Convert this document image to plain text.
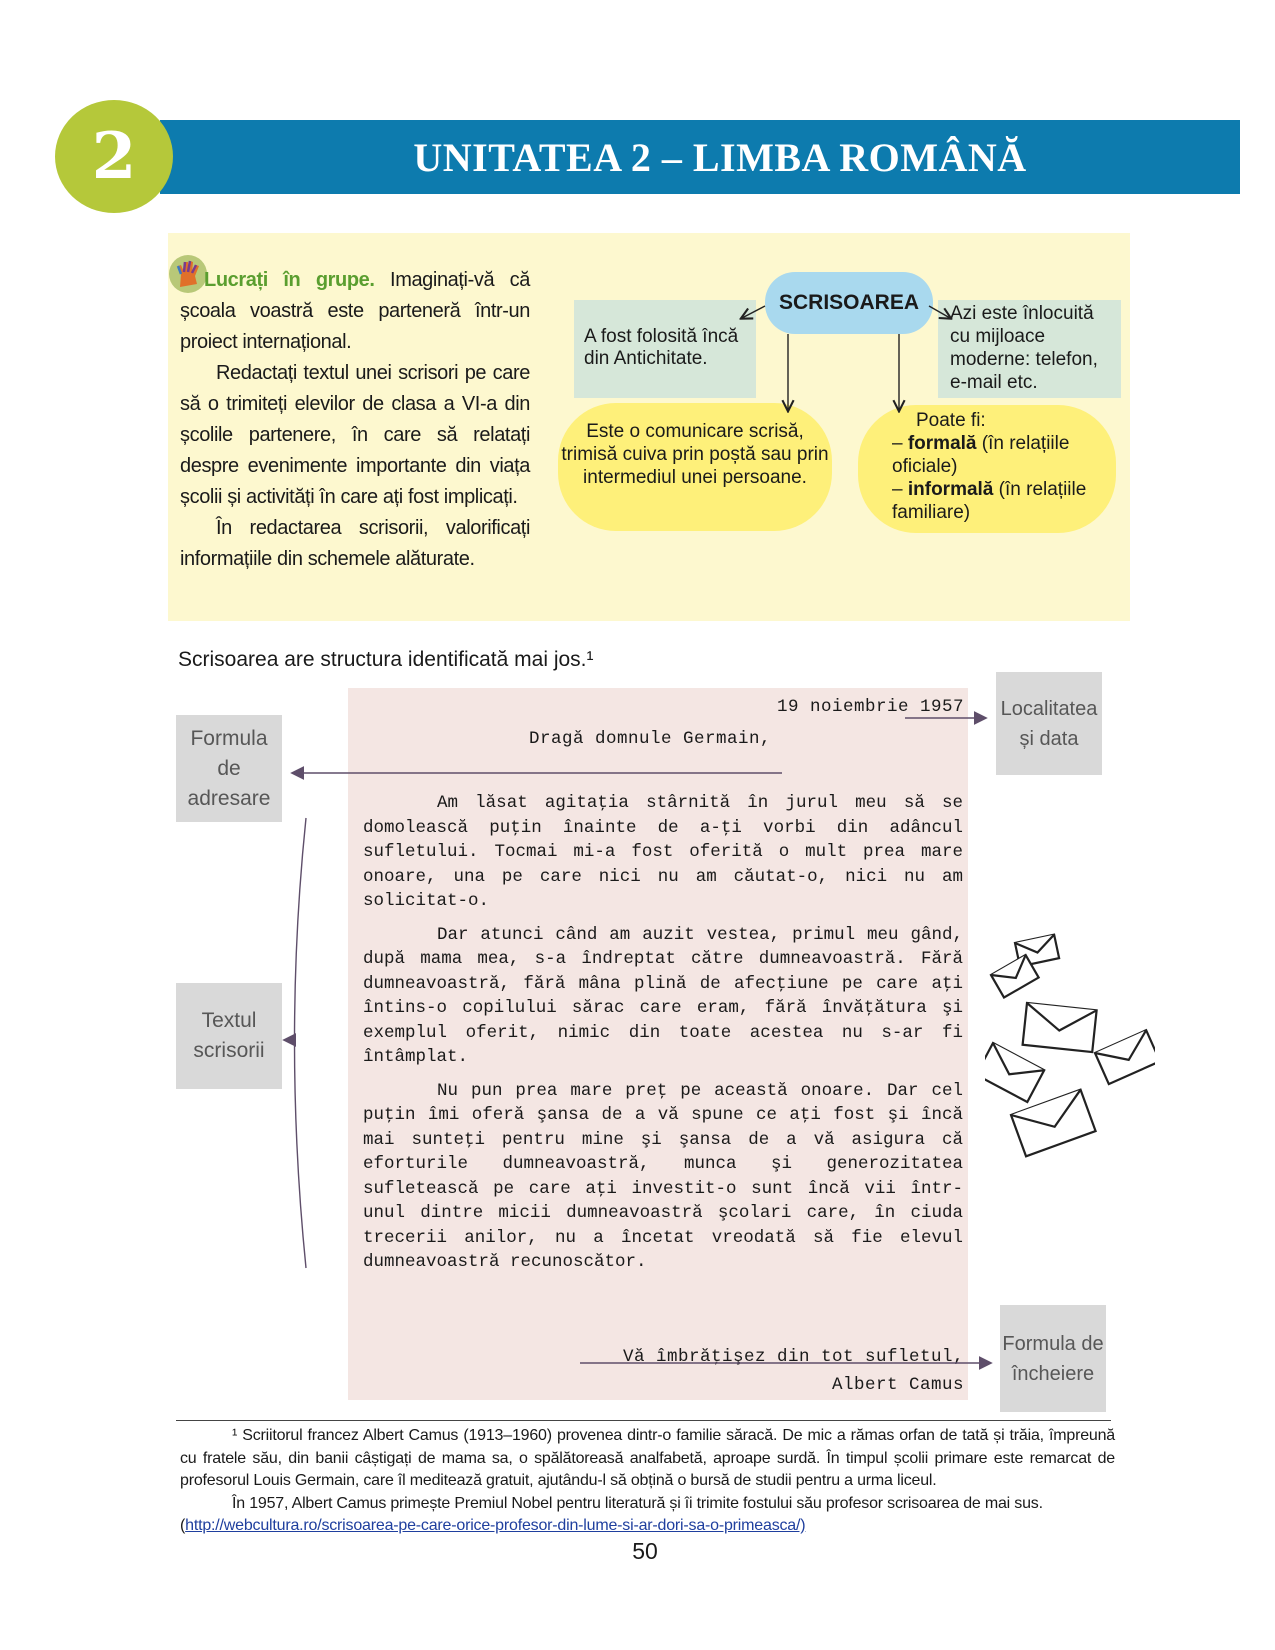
UNITATEA 2 – LIMBA ROMÂNĂ
2

Lucrați în grupe. Imaginați-vă că școala voastră este parteneră într-un proiect internațional.

Redactați textul unei scrisori pe care să o trimiteți elevilor de clasa a VI-a din școlile partenere, în care să relatați despre evenimente importante din viața școlii și activități în care ați fost implicați.

În redactarea scrisorii, valorificați informațiile din schemele alăturate.

A fost folosită încă din Antichitate.
Azi este înlocuită cu mijloace moderne: telefon, e-mail etc.
SCRISOAREA
Este o comunicare scrisă, trimisă cuiva prin poștă sau prin intermediul unei persoane.
Poate fi:
– formală (în relațiile oficiale)
– informală (în relațiile familiare)
Scrisoarea are structura identificată mai jos.¹
19 noiembrie 1957
Dragă domnule Germain,

Am lăsat agitaţia stârnită în jurul meu să se domolească puţin înainte de a-ţi vorbi din adâncul sufletului. Tocmai mi-a fost oferită o mult prea mare onoare, una pe care nici nu am căutat-o, nici nu am solicitat-o.

Dar atunci când am auzit vestea, primul meu gând, după mama mea, s-a îndreptat către dumneavoastră. Fără dumneavoastră, fără mâna plină de afecţiune pe care aţi întins-o copilului sărac care eram, fără învăţătura şi exemplul oferit, nimic din toate acestea nu s-ar fi întâmplat.

Nu pun prea mare preţ pe această onoare. Dar cel puţin îmi oferă şansa de a vă spune ce aţi fost şi încă mai sunteţi pentru mine şi şansa de a vă asigura că eforturile dumneavoastră, munca şi generozitatea sufletească pe care aţi investit-o sunt încă vii într-unul dintre micii dumneavoastră şcolari care, în ciuda trecerii anilor, nu a încetat vreodată să fie elevul dumneavoastră recunoscător.

Vă îmbrăţişez din tot sufletul,
Albert Camus
Formula de adresare
Textul scrisorii
Localitatea și data
Formula de încheiere

¹ Scriitorul francez Albert Camus (1913–1960) provenea dintr-o familie săracă. De mic a rămas orfan de tată și trăia, împreună cu fratele său, din banii câștigați de mama sa, o spălătoreasă analfabetă, aproape surdă. În timpul școlii primare este remarcat de profesorul Louis Germain, care îl meditează gratuit, ajutându-l să obțină o bursă de studii pentru a urma liceul.

În 1957, Albert Camus primește Premiul Nobel pentru literatură și îi trimite fostului său profesor scrisoarea de mai sus.

(http://webcultura.ro/scrisoarea-pe-care-orice-profesor-din-lume-si-ar-dori-sa-o-primeasca/)

50
